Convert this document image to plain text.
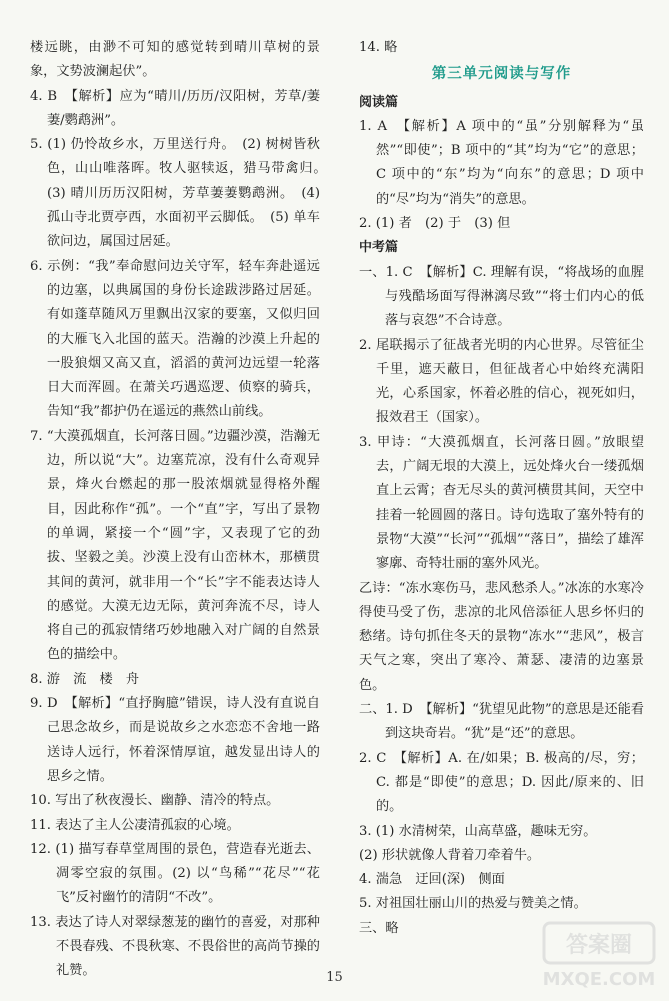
楼远眺，由渺不可知的感觉转到晴川草树的景象，文势波澜起伏”。

4. B　【解析】应为“晴川/历历/汉阳树，芳草/萋萋/鹦鹉洲”。

5. (1) 仍怜故乡水，万里送行舟。　(2) 树树皆秋色，山山唯落晖。牧人驱犊返，猎马带禽归。　(3) 晴川历历汉阳树，芳草萋萋鹦鹉洲。　(4) 孤山寺北贾亭西，水面初平云脚低。　(5) 单车欲问边，属国过居延。

6. 示例：“我”奉命慰问边关守军，轻车奔赴遥远的边塞，以典属国的身份长途跋涉路过居延。有如蓬草随风万里飘出汉家的要塞，又似归回的大雁飞入北国的蓝天。浩瀚的沙漠上升起的一股狼烟又高又直，滔滔的黄河边远望一轮落日大而浑圆。在萧关巧遇巡逻、侦察的骑兵，告知“我”都护仍在遥远的燕然山前线。

7. “大漠孤烟直，长河落日圆。”边疆沙漠，浩瀚无边，所以说“大”。边塞荒凉，没有什么奇观异景，烽火台燃起的那一股浓烟就显得格外醒目，因此称作“孤”。一个“直”字，写出了景物的单调，紧接一个“圆”字，又表现了它的劲拔、坚毅之美。沙漠上没有山峦林木，那横贯其间的黄河，就非用一个“长”字不能表达诗人的感觉。大漠无边无际，黄河奔流不尽，诗人将自己的孤寂情绪巧妙地融入对广阔的自然景色的描绘中。

8. 游　流　楼　舟

9. D　【解析】“直抒胸臆”错误，诗人没有直说自己思念故乡，而是说故乡之水恋恋不舍地一路送诗人远行，怀着深情厚谊，越发显出诗人的思乡之情。

10. 写出了秋夜漫长、幽静、清冷的特点。

11. 表达了主人公凄清孤寂的心境。

12. (1) 描写春草堂周围的景色，营造春光逝去、凋零空寂的氛围。(2) 以“鸟稀”“花尽”“花飞”反衬幽竹的清阴“不改”。

13. 表达了诗人对翠绿葱茏的幽竹的喜爱，对那种不畏春残、不畏秋寒、不畏俗世的高尚节操的礼赞。

14. 略

第三单元阅读与写作
阅读篇

1. A　【解析】A 项中的“虽”分别解释为“虽然”“即使”；B 项中的“其”均为“它”的意思；C 项中的“东”均为“向东”的意思；D 项中的“尽”均为“消失”的意思。

2. (1) 者　(2) 于　(3) 但

中考篇

一、1. C　【解析】C. 理解有误，“将战场的血腥与残酷场面写得淋漓尽致”“将士们内心的低落与哀怨”不合诗意。

2. 尾联揭示了征战者光明的内心世界。尽管征尘千里，遮天蔽日，但征战者心中始终充满阳光，心系国家，怀着必胜的信心，视死如归，报效君王（国家）。

3. 甲诗：“大漠孤烟直，长河落日圆。”放眼望去，广阔无垠的大漠上，远处烽火台一缕孤烟直上云霄；杳无尽头的黄河横贯其间，天空中挂着一轮圆圆的落日。诗句选取了塞外特有的景物“大漠”“长河”“孤烟”“落日”，描绘了雄浑寥廓、奇特壮丽的塞外风光。

乙诗：“冻水寒伤马，悲风愁杀人。”冰冻的水寒冷得使马受了伤，悲凉的北风倍添征人思乡怀归的愁绪。诗句抓住冬天的景物“冻水”“悲风”，极言天气之寒，突出了寒冷、萧瑟、凄清的边塞景色。

二、1. D　【解析】“犹望见此物”的意思是还能看到这块奇岩。“犹”是“还”的意思。

2. C　【解析】A. 在/如果；B. 极高的/尽，穷；C. 都是“即使”的意思；D. 因此/原来的、旧的。

3. (1) 水清树荣，山高草盛，趣味无穷。

(2) 形状就像人背着刀牵着牛。

4. 湍急　迂回(深)　侧面

5. 对祖国壮丽山川的热爱与赞美之情。

三、略

15
答案圈
MXQE.COM
